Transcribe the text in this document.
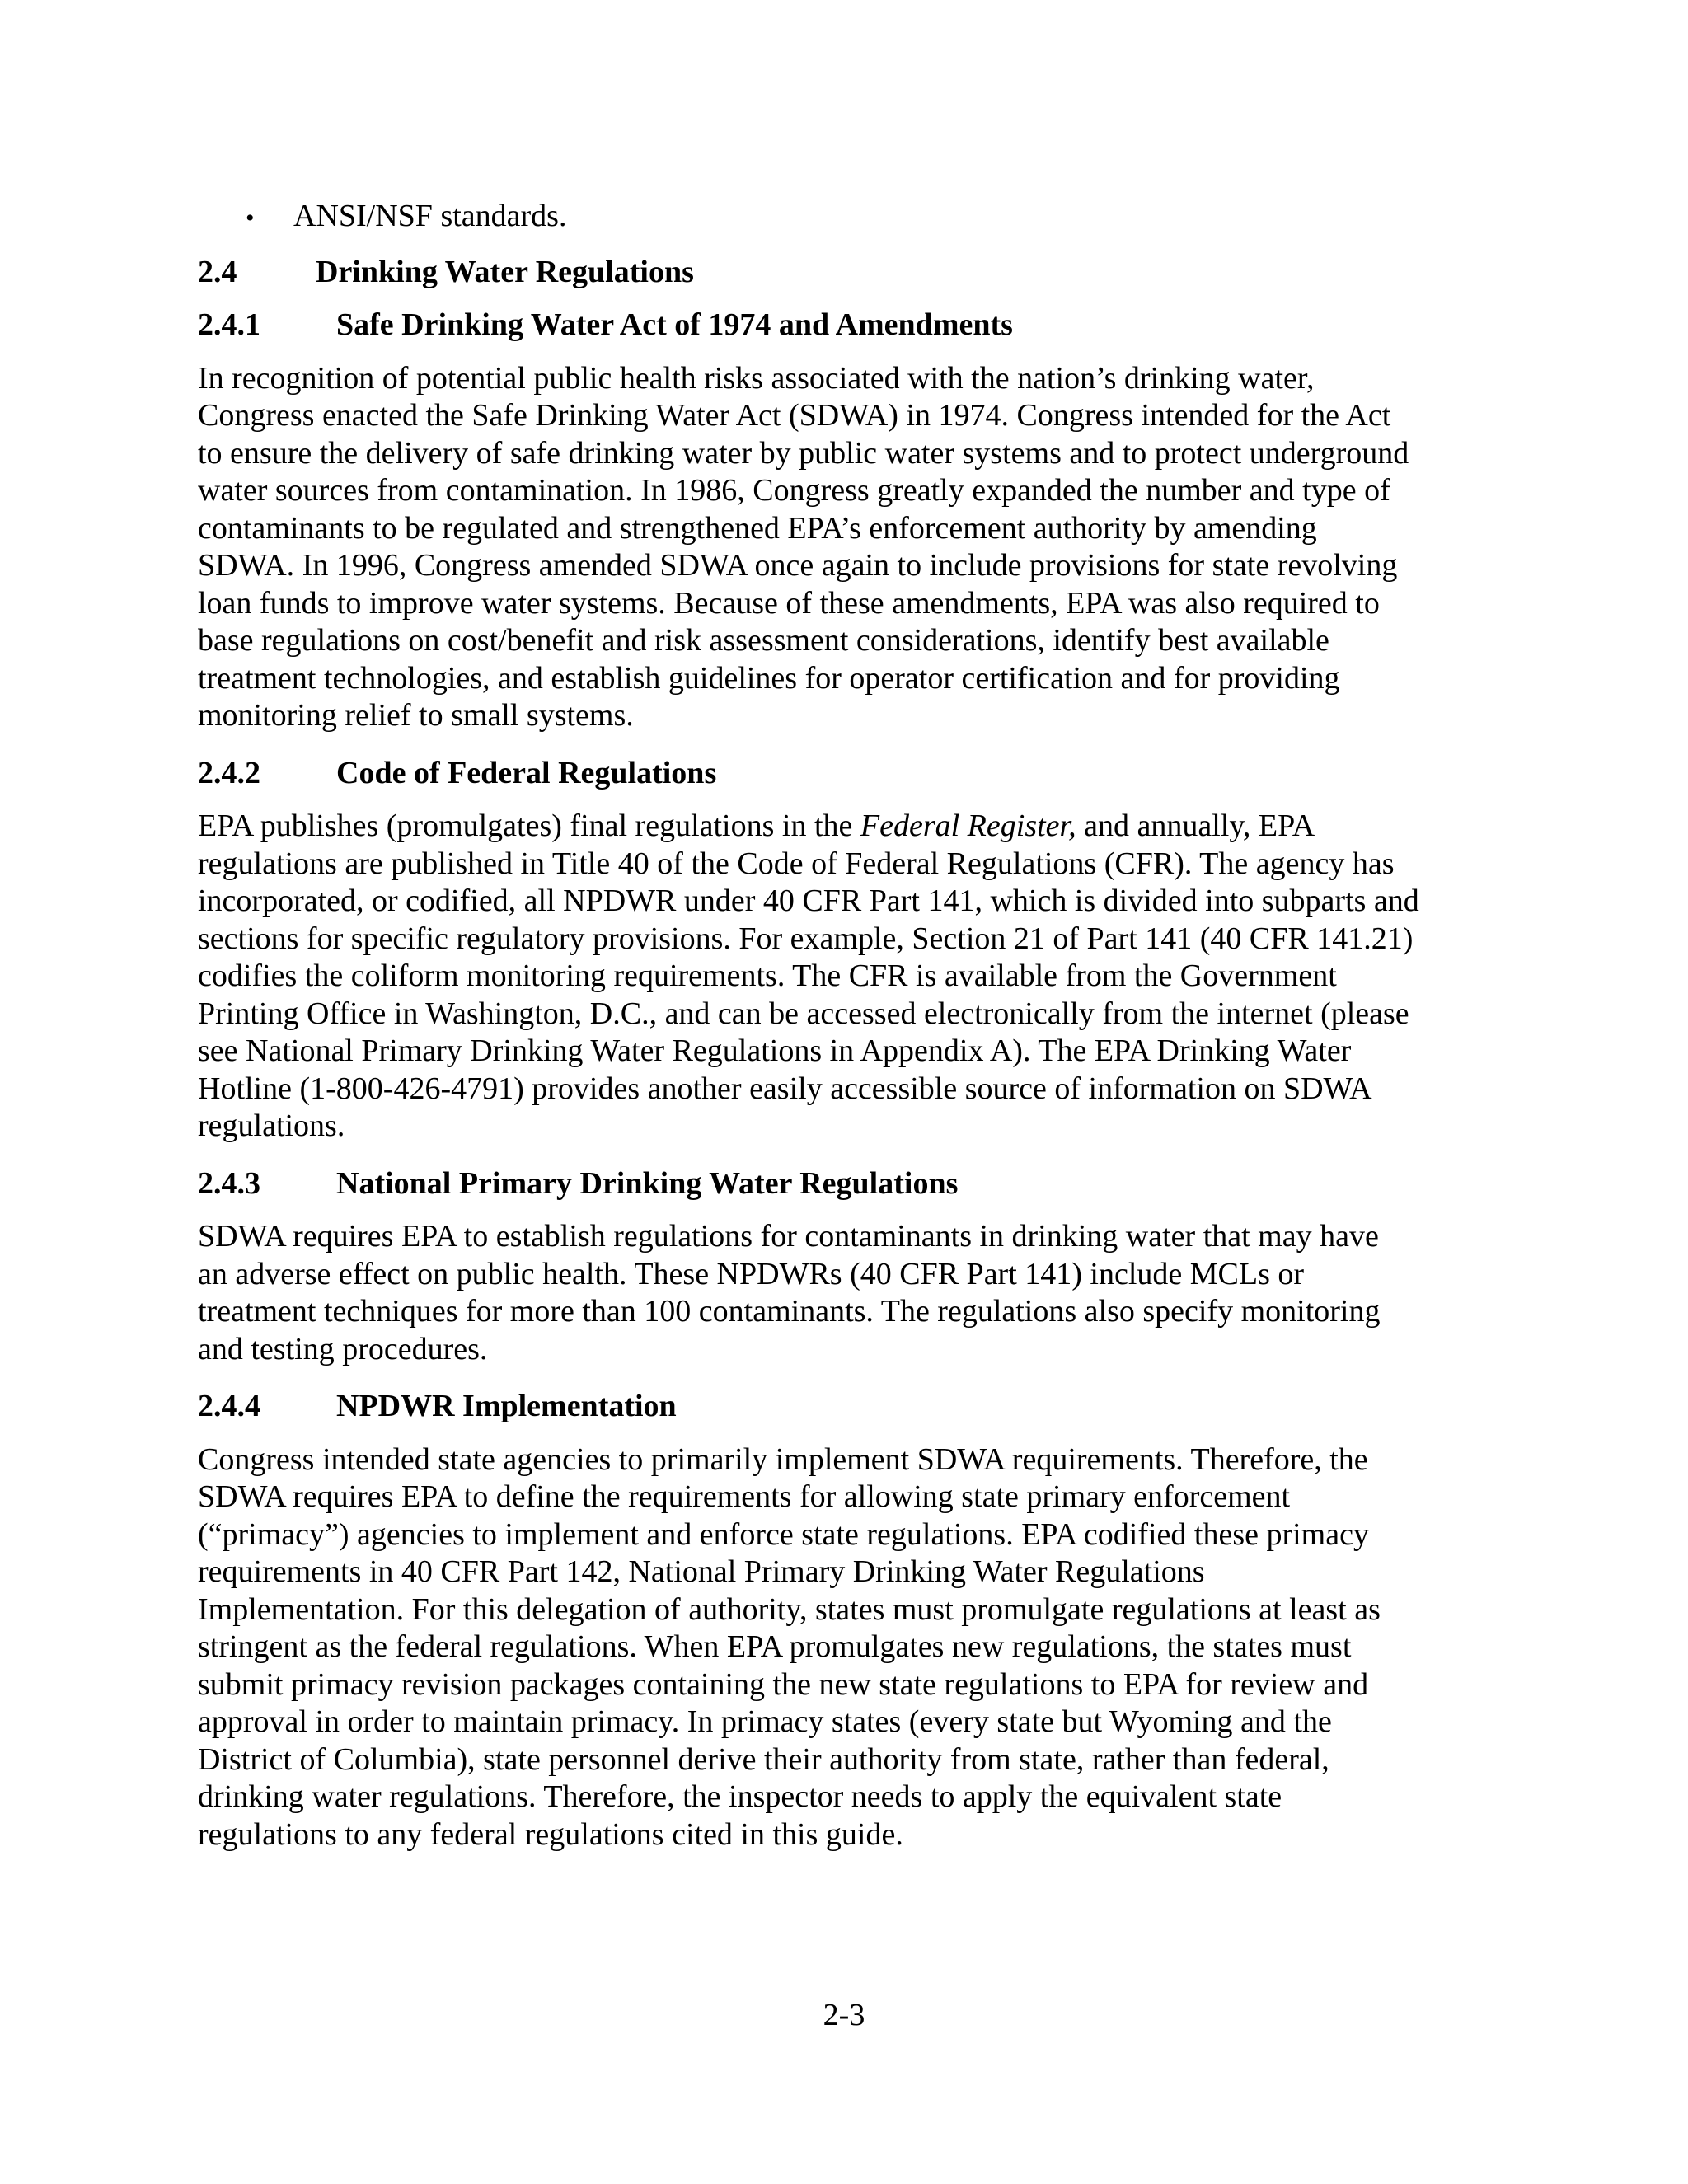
•	ANSI/NSF standards.
2.4	Drinking Water Regulations
2.4.1	Safe Drinking Water Act of 1974 and Amendments

In recognition of potential public health risks associated with the nation’s drinking water,
Congress enacted the Safe Drinking Water Act (SDWA) in 1974. Congress intended for the Act
to ensure the delivery of safe drinking water by public water systems and to protect underground
water sources from contamination. In 1986, Congress greatly expanded the number and type of
contaminants to be regulated and strengthened EPA’s enforcement authority by amending
SDWA. In 1996, Congress amended SDWA once again to include provisions for state revolving
loan funds to improve water systems. Because of these amendments, EPA was also required to
base regulations on cost/benefit and risk assessment considerations, identify best available
treatment technologies, and establish guidelines for operator certification and for providing
monitoring relief to small systems.

2.4.2	Code of Federal Regulations

EPA publishes (promulgates) final regulations in the Federal Register, and annually, EPA
regulations are published in Title 40 of the Code of Federal Regulations (CFR). The agency has
incorporated, or codified, all NPDWR under 40 CFR Part 141, which is divided into subparts and
sections for specific regulatory provisions. For example, Section 21 of Part 141 (40 CFR 141.21)
codifies the coliform monitoring requirements. The CFR is available from the Government
Printing Office in Washington, D.C., and can be accessed electronically from the internet (please
see National Primary Drinking Water Regulations in Appendix A). The EPA Drinking Water
Hotline (1-800-426-4791) provides another easily accessible source of information on SDWA
regulations.

2.4.3	National Primary Drinking Water Regulations

SDWA requires EPA to establish regulations for contaminants in drinking water that may have
an adverse effect on public health. These NPDWRs (40 CFR Part 141) include MCLs or
treatment techniques for more than 100 contaminants. The regulations also specify monitoring
and testing procedures.

2.4.4	NPDWR Implementation

Congress intended state agencies to primarily implement SDWA requirements. Therefore, the
SDWA requires EPA to define the requirements for allowing state primary enforcement
(“primacy”) agencies to implement and enforce state regulations. EPA codified these primacy
requirements in 40 CFR Part 142, National Primary Drinking Water Regulations
Implementation. For this delegation of authority, states must promulgate regulations at least as
stringent as the federal regulations. When EPA promulgates new regulations, the states must
submit primacy revision packages containing the new state regulations to EPA for review and
approval in order to maintain primacy. In primacy states (every state but Wyoming and the
District of Columbia), state personnel derive their authority from state, rather than federal,
drinking water regulations. Therefore, the inspector needs to apply the equivalent state
regulations to any federal regulations cited in this guide.

2-3
